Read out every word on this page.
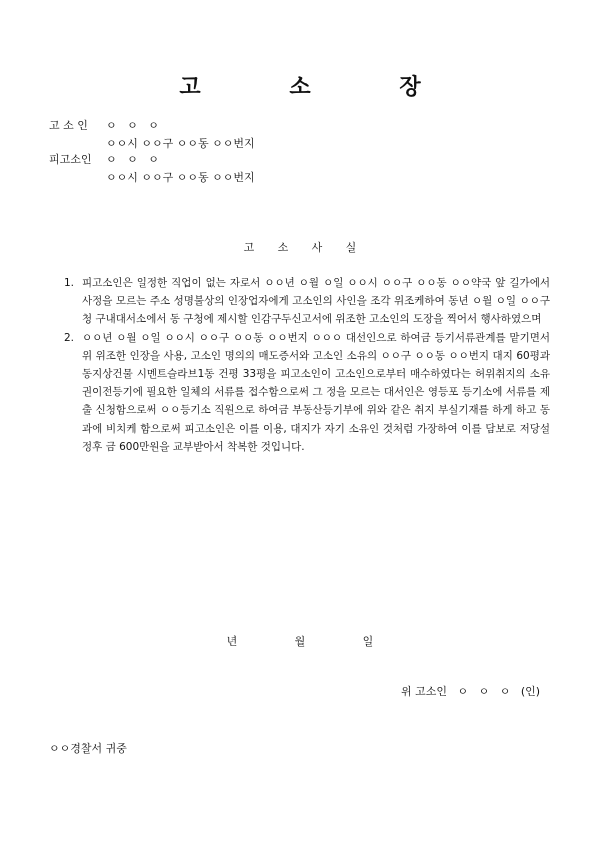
고	소	장
고 소 인 ㅇ   ㅇ   ㅇ
ㅇㅇ시 ㅇㅇ구 ㅇㅇ동 ㅇㅇ번지
피고소인 ㅇ   ㅇ   ㅇ
ㅇㅇ시 ㅇㅇ구 ㅇㅇ동 ㅇㅇ번지
고	소	사	실
1. 피고소인은 일정한 직업이 없는 자로서 ㅇㅇ년 ㅇ월 ㅇ일 ㅇㅇ시 ㅇㅇ구 ㅇㅇ동 ㅇㅇ약국 앞 길가에서 사정을 모르는 주소 성명불상의 인장업자에게 고소인의 사인을 조각 위조케하여 동년 ㅇ월 ㅇ일 ㅇㅇ구청 구내대서소에서 동 구청에 제시할 인감구두신고서에 위조한 고소인의 도장을 찍어서 행사하였으며
2. ㅇㅇ년 ㅇ월 ㅇ일 ㅇㅇ시 ㅇㅇ구 ㅇㅇ동 ㅇㅇ번지 ㅇㅇㅇ 대선인으로 하여금 등기서류관계를 맡기면서 위 위조한 인장을 사용, 고소인 명의의 매도증서와 고소인 소유의 ㅇㅇ구 ㅇㅇ동 ㅇㅇ번지 대지 60평과 동지상건물 시멘트슬라브1동 건평 33평을 피고소인이 고소인으로부터 매수하였다는 허위취지의 소유권이전등기에 필요한 일체의 서류를 접수함으로써 그 정을 모르는 대서인은 영등포 등기소에 서류를 제출 신청함으로써 ㅇㅇ등기소 직원으로 하여금 부동산등기부에 위와 같은 취지 부실기재를 하게 하고 동과에 비치케 함으로써 피고소인은 이를 이용, 대지가 자기 소유인 것처럼 가장하여 이를 담보로 저당설정후 금 600만원을 교부받아서 착복한 것입니다.
년	월	일
위 고소인 ㅇ   ㅇ   ㅇ (인)
ㅇㅇ경찰서 귀중
